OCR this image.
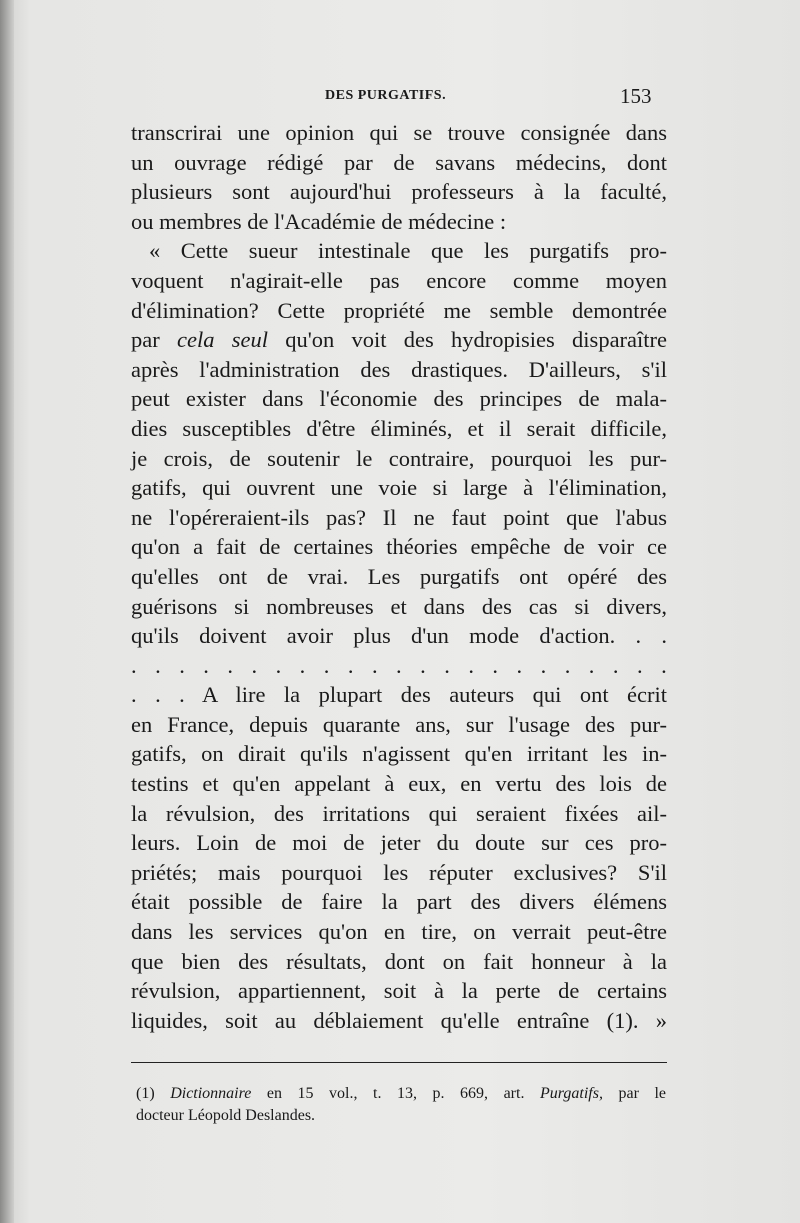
DES PURGATIFS.	153
transcrirai une opinion qui se trouve consignée dans
un ouvrage rédigé par de savans médecins, dont
plusieurs sont aujourd'hui professeurs à la faculté,
ou membres de l'Académie de médecine :
« Cette sueur intestinale que les purgatifs pro-
voquent n'agirait-elle pas encore comme moyen
d'élimination? Cette propriété me semble demontrée
par cela seul qu'on voit des hydropisies disparaître
après l'administration des drastiques. D'ailleurs, s'il
peut exister dans l'économie des principes de mala-
dies susceptibles d'être éliminés, et il serait difficile,
je crois, de soutenir le contraire, pourquoi les pur-
gatifs, qui ouvrent une voie si large à l'élimination,
ne l'opéreraient-ils pas? Il ne faut point que l'abus
qu'on a fait de certaines théories empêche de voir ce
qu'elles ont de vrai. Les purgatifs ont opéré des
guérisons si nombreuses et dans des cas si divers,
qu'ils doivent avoir plus d'un mode d'action. . .
. . . . . . . . . . . . . . . . . . . . . . .
. . . A lire la plupart des auteurs qui ont écrit
en France, depuis quarante ans, sur l'usage des pur-
gatifs, on dirait qu'ils n'agissent qu'en irritant les in-
testins et qu'en appelant à eux, en vertu des lois de
la révulsion, des irritations qui seraient fixées ail-
leurs. Loin de moi de jeter du doute sur ces pro-
priétés; mais pourquoi les réputer exclusives? S'il
était possible de faire la part des divers élémens
dans les services qu'on en tire, on verrait peut-être
que bien des résultats, dont on fait honneur à la
révulsion, appartiennent, soit à la perte de certains
liquides, soit au déblaiement qu'elle entraîne (1). »
(1) Dictionnaire en 15 vol., t. 13, p. 669, art. Purgatifs, par le
docteur Léopold Deslandes.
